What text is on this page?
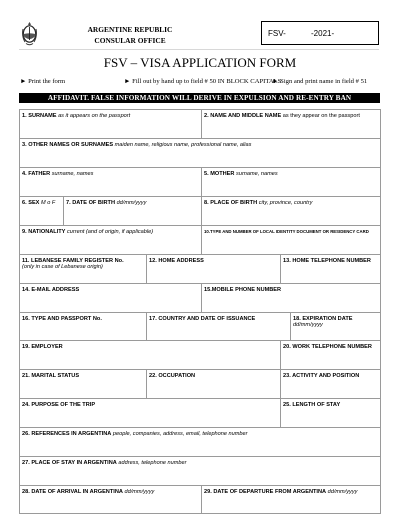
ARGENTINE REPUBLIC
CONSULAR OFFICE
FSV-	-2021-
FSV – VISA APPLICATION FORM
► Print the form	► Fill out by hand up to field # 50 IN BLOCK CAPITALS
► Sign and print name in field # 51
AFFIDAVIT. FALSE INFORMATION WILL DERIVE IN EXPULSION AND RE-ENTRY BAN
1. SURNAME as it appears on the passport	2. NAME AND MIDDLE NAME as they appear on the passport
3. OTHER NAMES OR SURNAMES maiden name, religious name, professional name, alias
4. FATHER surname, names	5. MOTHER surname, names
6. SEX M o F	7. DATE OF BIRTH dd/mm/yyyy	8. PLACE OF BIRTH city, province, country
9. NATIONALITY current (and of origin, if applicable)	10.TYPE AND NUMBER OF LOCAL IDENTITY DOCUMENT OR RESIDENCY CARD
11. LEBANESE FAMILY REGISTER No.
(only in case of Lebanese origin)
12. HOME ADDRESS	13. HOME TELEPHONE NUMBER
14. E-MAIL ADDRESS	15.MOBILE PHONE NUMBER
16. TYPE AND PASSPORT No.	17. COUNTRY AND DATE OF ISSUANCE	18. EXPIRATION DATE
dd/mm/yyyy
19. EMPLOYER	20. WORK TELEPHONE NUMBER
21. MARITAL STATUS	22. OCCUPATION	23. ACTIVITY AND POSITION
24. PURPOSE OF THE TRIP	25. LENGTH OF STAY
26. REFERENCES IN ARGENTINA people, companies, address, email, telephone number
27. PLACE OF STAY IN ARGENTINA address, telephone number
28. DATE OF ARRIVAL IN ARGENTINA dd/mm/yyyy	29. DATE OF DEPARTURE FROM ARGENTINA dd/mm/yyyy
